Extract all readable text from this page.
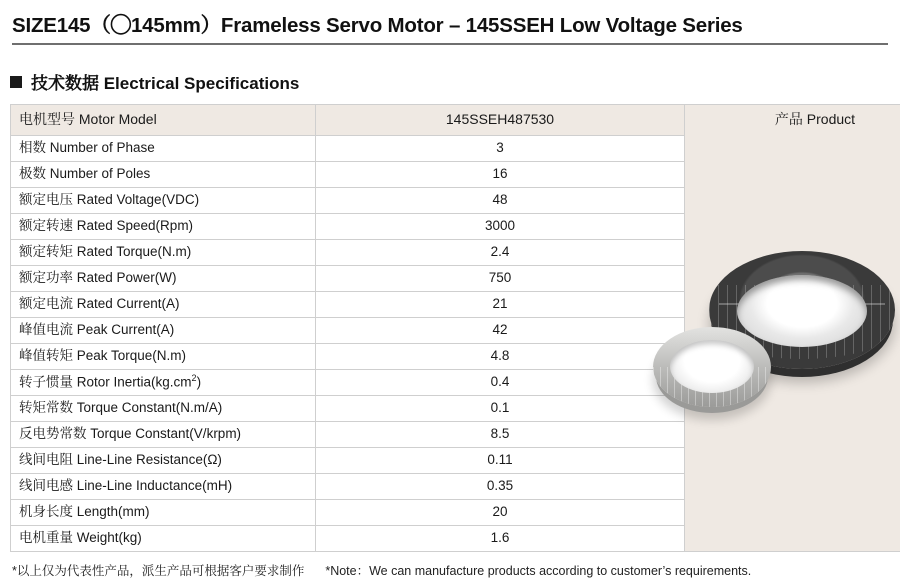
SIZE145（◯145mm）Frameless Servo Motor – 145SSEH Low Voltage Series
技术数据 Electrical Specifications
电机型号 Motor Model	145SSEH487530	产品 Product
相数 Number of Phase	3	
极数 Number of Poles	16	
额定电压 Rated Voltage(VDC)	48	
额定转速 Rated Speed(Rpm)	3000	
额定转矩 Rated Torque(N.m)	2.4	
额定功率 Rated Power(W)	750	
额定电流 Rated Current(A)	21	
峰值电流 Peak Current(A)	42	
峰值转矩 Peak Torque(N.m)	4.8	
转子惯量 Rotor $Inertia(kg.cm^2)$	0.4	
转矩常数 Torque Constant(N.m/A)	0.1	
反电势常数 Torque Constant(V/krpm)	8.5	
线间电阻 Line-Line Resistance(Ω)	0.11	
线间电感 Line-Line Inductance(mH)	0.35	
机身长度 Length(mm)	20	
电机重量 Weight(kg)	1.6	
*以上仅为代表性产品，派生产品可根据客户要求制作 *Note：We can manufacture products according to customer’s requirements.
